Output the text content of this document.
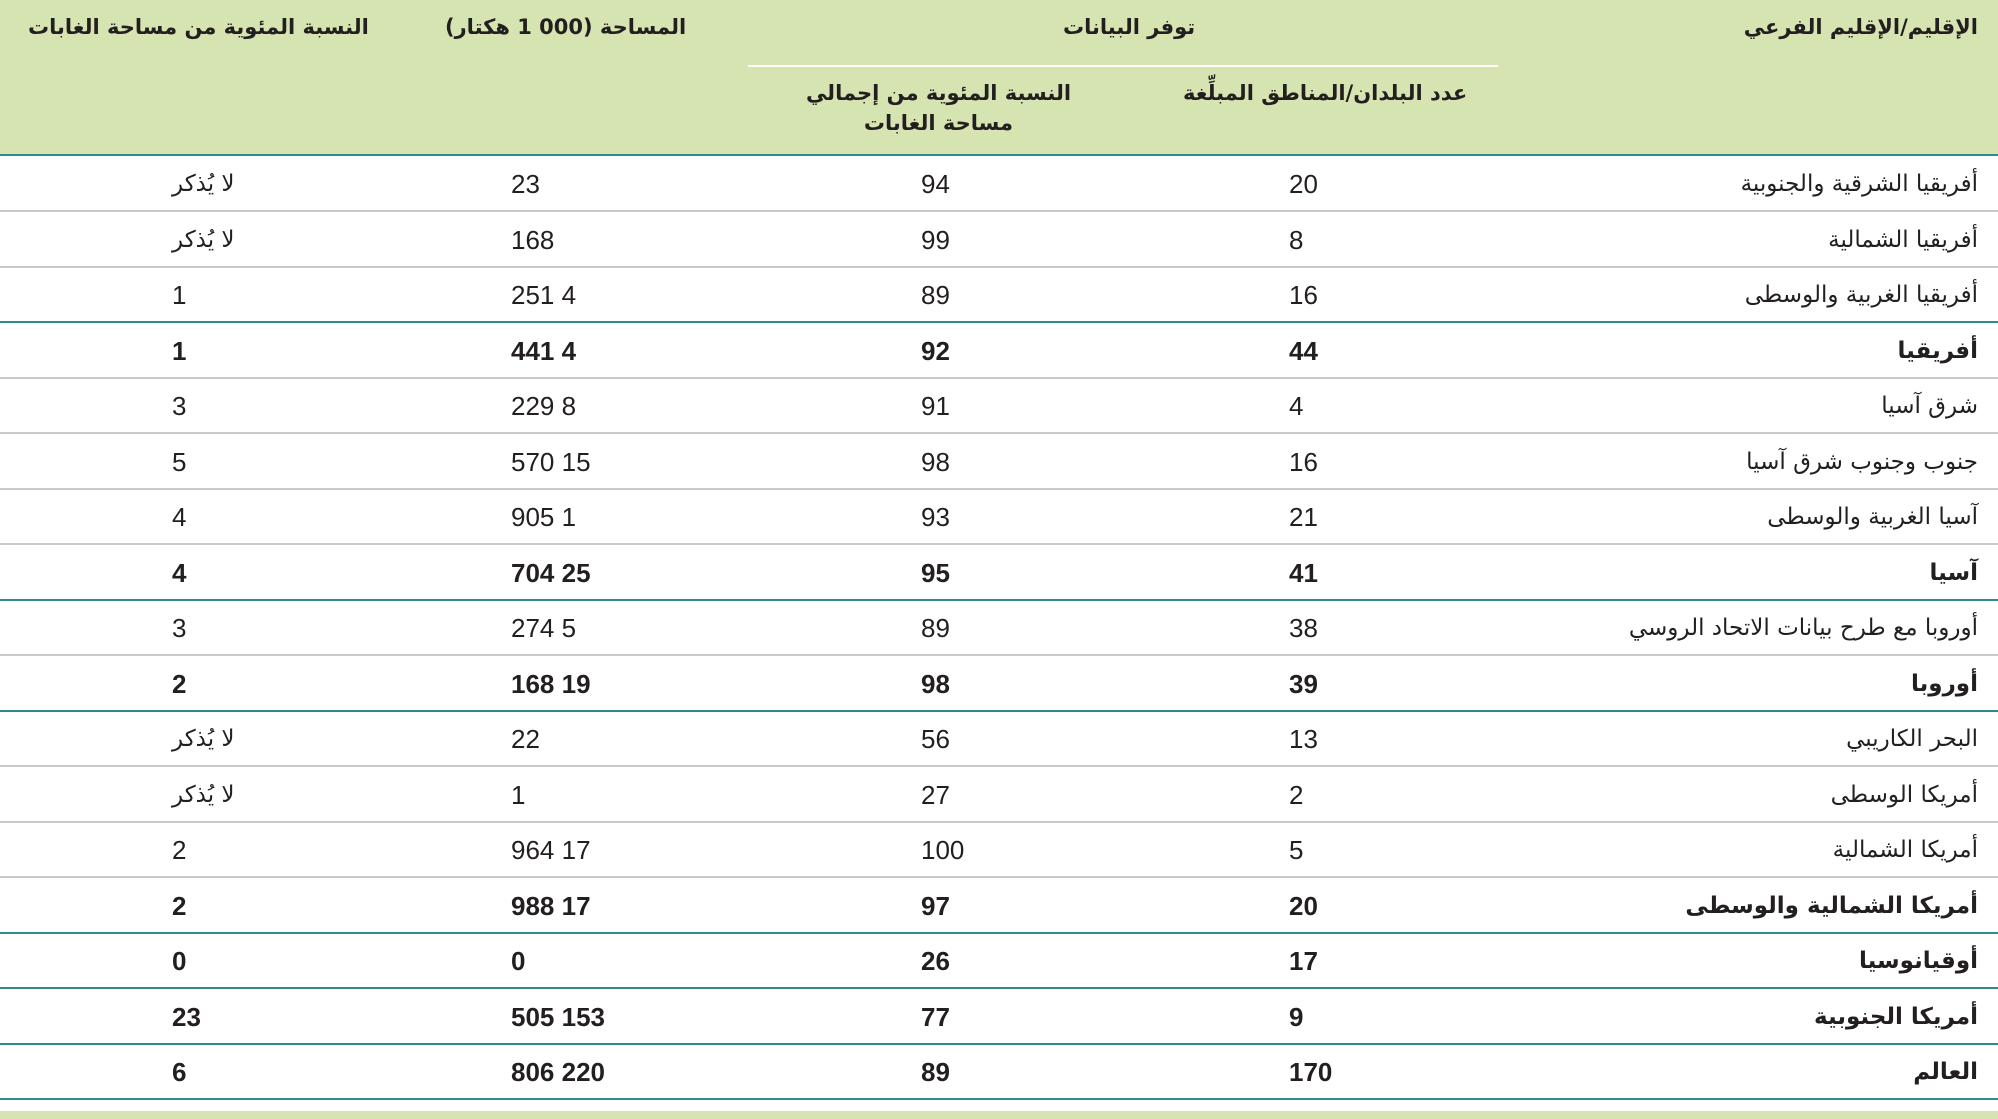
الإقليم/الإقليم الفرعي
توفر البيانات
عدد البلدان/المناطق المبلِّغة
النسبة المئوية من إجمالي مساحة الغابات
المساحة (000 1 هكتار)
النسبة المئوية من مساحة الغابات
أفريقيا الشرقية والجنوبية
20
94
23
لا يُذكر
أفريقيا الشمالية
8
99
168
لا يُذكر
أفريقيا الغربية والوسطى
16
89
4 251
1
أفريقيا
44
92
4 441
1
شرق آسيا
4
91
8 229
3
جنوب وجنوب شرق آسيا
16
98
15 570
5
آسيا الغربية والوسطى
21
93
1 905
4
آسيا
41
95
25 704
4
أوروبا مع طرح بيانات الاتحاد الروسي
38
89
5 274
3
أوروبا
39
98
19 168
2
البحر الكاريبي
13
56
22
لا يُذكر
أمريكا الوسطى
2
27
1
لا يُذكر
أمريكا الشمالية
5
100
17 964
2
أمريكا الشمالية والوسطى
20
97
17 988
2
أوقيانوسيا
17
26
0
0
أمريكا الجنوبية
9
77
153 505
23
العالم
170
89
220 806
6
